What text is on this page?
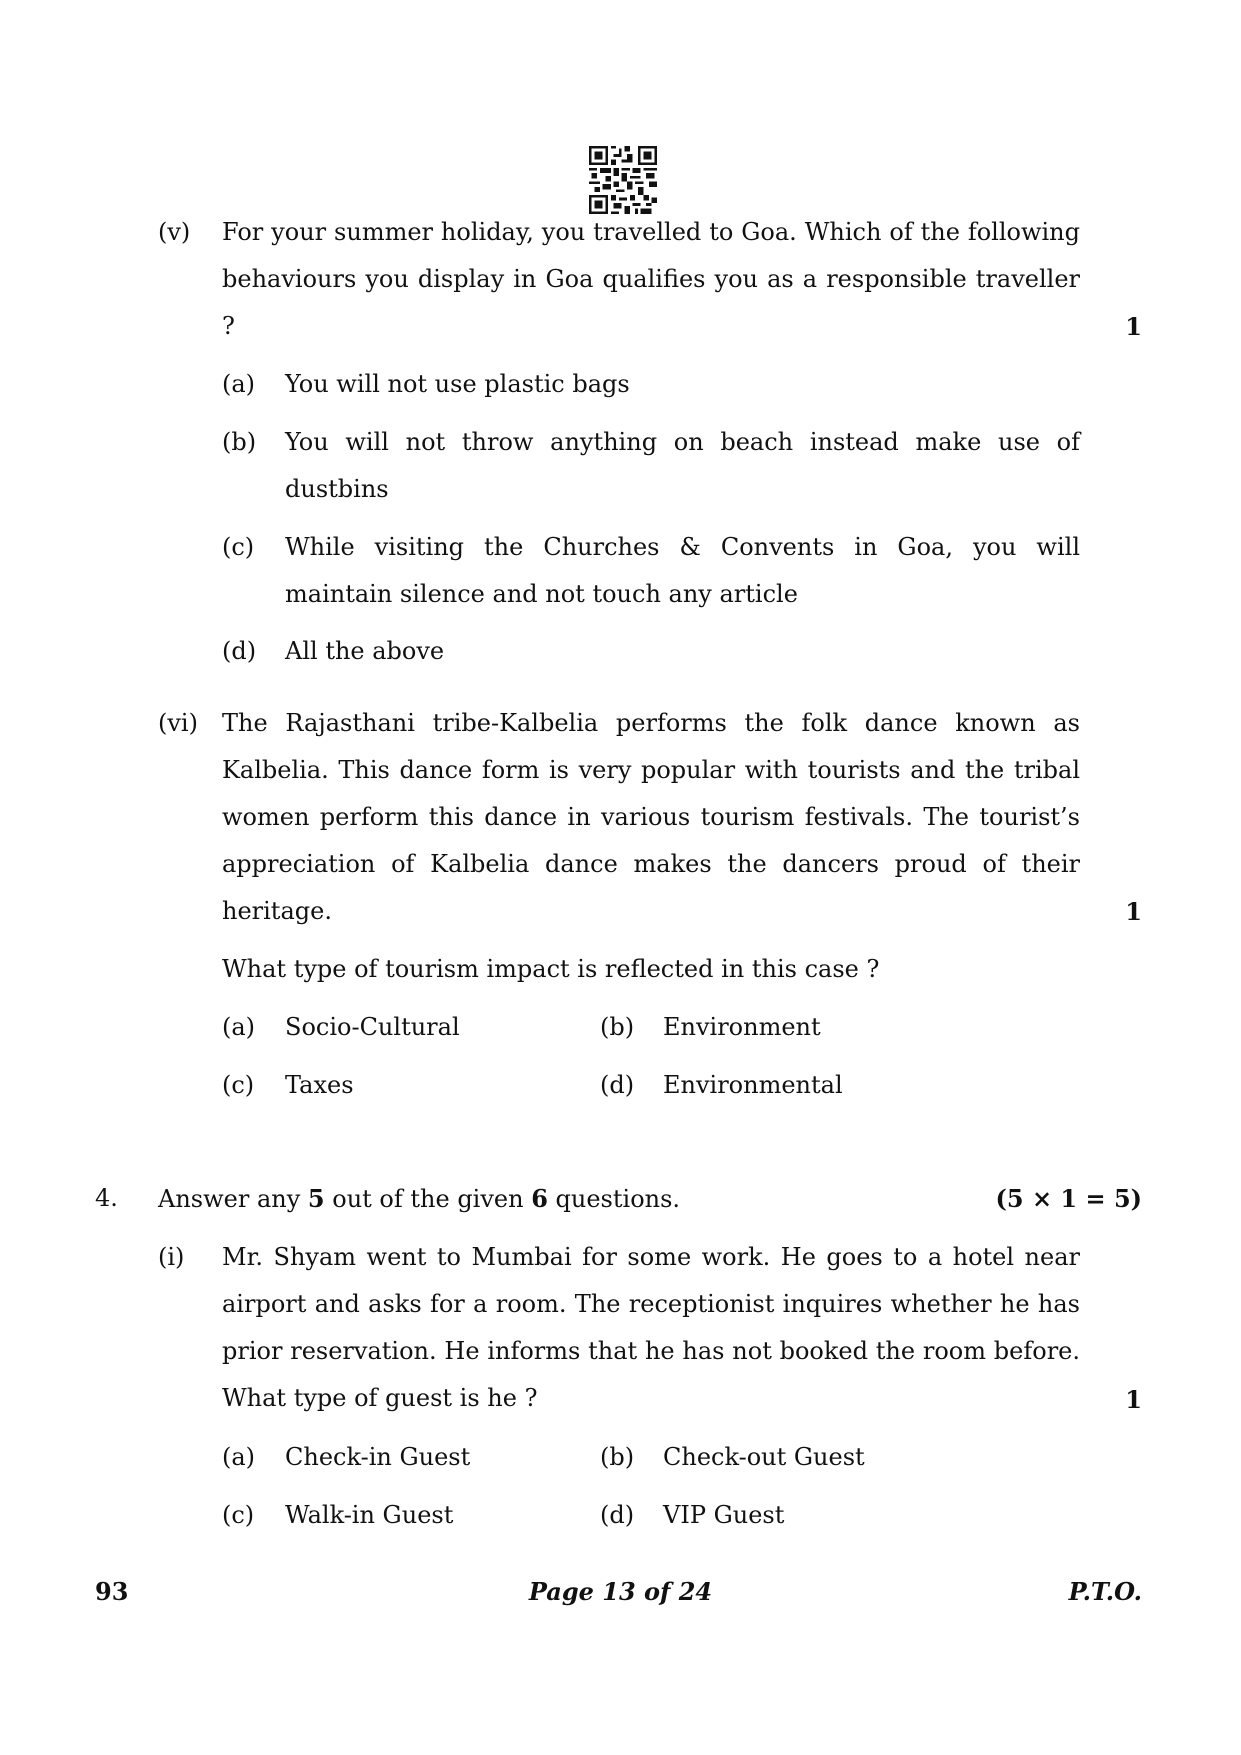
(v) For your summer holiday, you travelled to Goa. Which of the following behaviours you display in Goa qualifies you as a responsible traveller ?	1
(a) You will not use plastic bags
(b) You will not throw anything on beach instead make use of dustbins

(c) While visiting the Churches & Convents in Goa, you will maintain silence and not touch any article

(d) All the above
(vi) The Rajasthani tribe-Kalbelia performs the folk dance known as Kalbelia. This dance form is very popular with tourists and the tribal women perform this dance in various tourism festivals. The tourist’s appreciation of Kalbelia dance makes the dancers proud of their heritage.	1
What type of tourism impact is reflected in this case ?
(a) Socio-Cultural	(b) Environment
(c) Taxes	(d) Environmental
4. Answer any 5 out of the given 6 questions.	(5 × 1 = 5)
(i) Mr. Shyam went to Mumbai for some work. He goes to a hotel near airport and asks for a room. The receptionist inquires whether he has prior reservation. He informs that he has not booked the room before. What type of guest is he ?	1
(a) Check-in Guest	(b) Check-out Guest
(c) Walk-in Guest	(d) VIP Guest
93	Page 13 of 24	P.T.O.
